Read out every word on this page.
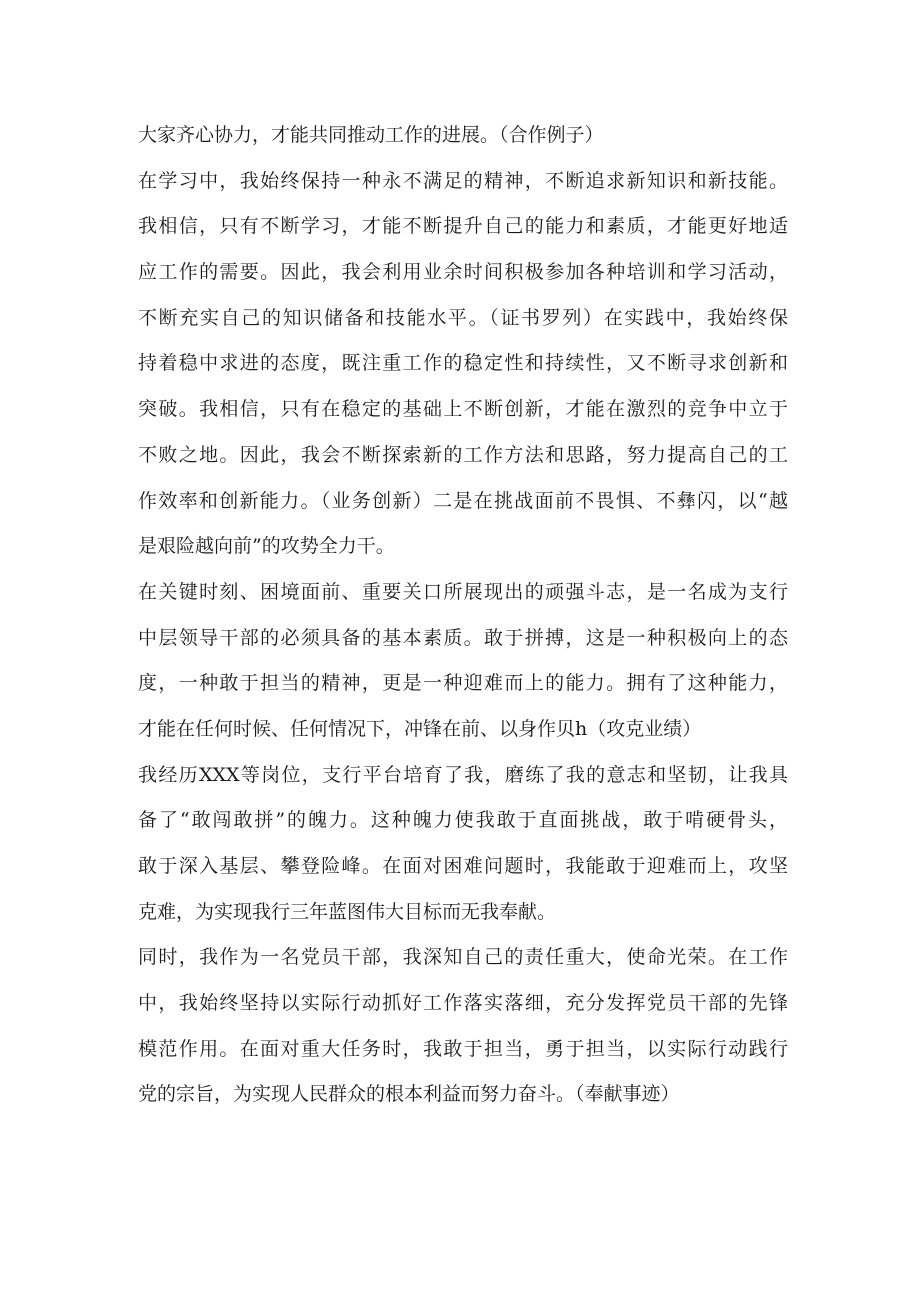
大家齐心协力，才能共同推动工作的进展。（合作例子）
在学习中，我始终保持一种永不满足的精神，不断追求新知识和新技能。
我相信，只有不断学习，才能不断提升自己的能力和素质，才能更好地适
应工作的需要。因此，我会利用业余时间积极参加各种培训和学习活动，
不断充实自己的知识储备和技能水平。（证书罗列）在实践中，我始终保
持着稳中求进的态度，既注重工作的稳定性和持续性，又不断寻求创新和
突破。我相信，只有在稳定的基础上不断创新，才能在激烈的竞争中立于
不败之地。因此，我会不断探索新的工作方法和思路，努力提高自己的工
作效率和创新能力。（业务创新）二是在挑战面前不畏惧、不彝闪，以“越
是艰险越向前”的攻势全力干。
在关键时刻、困境面前、重要关口所展现出的顽强斗志，是一名成为支行
中层领导干部的必须具备的基本素质。敢于拼搏，这是一种积极向上的态
度，一种敢于担当的精神，更是一种迎难而上的能力。拥有了这种能力，
才能在任何时候、任何情况下，冲锋在前、以身作贝h（攻克业绩）
我经历XXX等岗位，支行平台培育了我，磨练了我的意志和坚韧，让我具
备了“敢闯敢拼”的魄力。这种魄力使我敢于直面挑战，敢于啃硬骨头，
敢于深入基层、攀登险峰。在面对困难问题时，我能敢于迎难而上，攻坚
克难，为实现我行三年蓝图伟大目标而无我奉献。
同时，我作为一名党员干部，我深知自己的责任重大，使命光荣。在工作
中，我始终坚持以实际行动抓好工作落实落细，充分发挥党员干部的先锋
模范作用。在面对重大任务时，我敢于担当，勇于担当，以实际行动践行
党的宗旨，为实现人民群众的根本利益而努力奋斗。（奉献事迹）
